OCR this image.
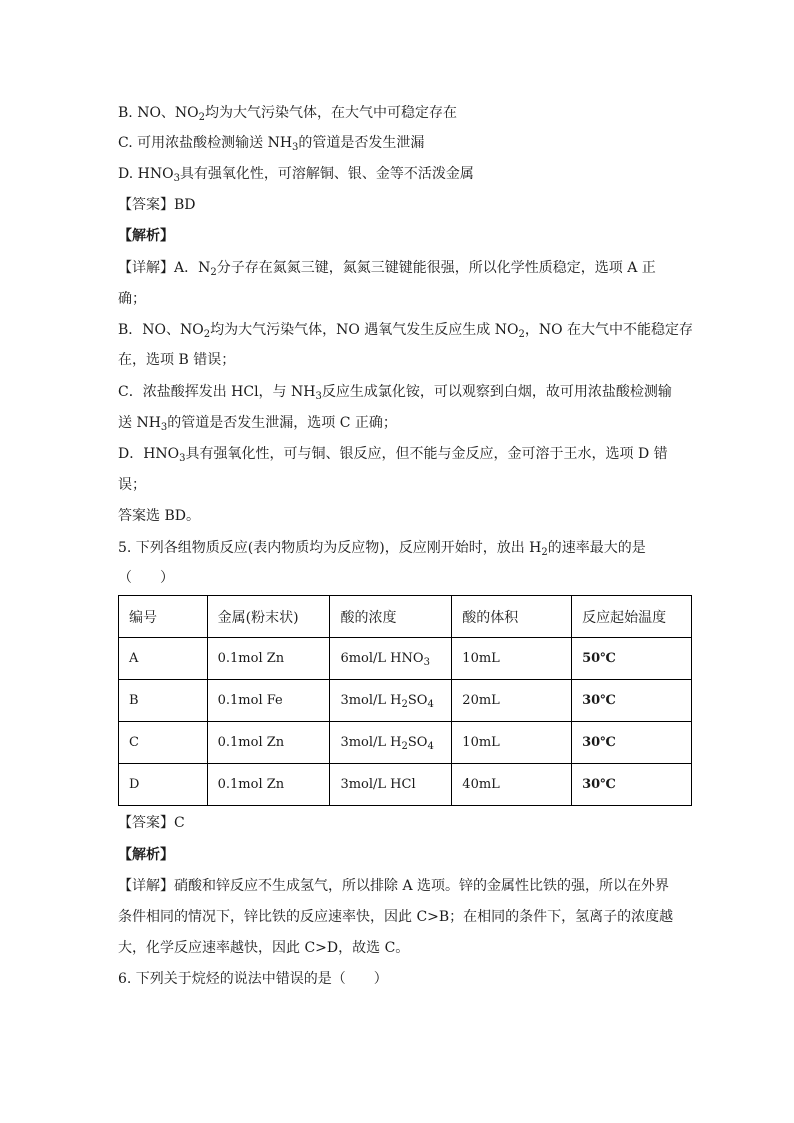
B. NO、$NO_2$均为大气污染气体，在大气中可稳定存在
C. 可用浓盐酸检测输送 $NH_3$的管道是否发生泄漏
D. $HNO_3$具有强氧化性，可溶解铜、银、金等不活泼金属
【答案】BD
【解析】
【详解】A．$N_2$分子存在氮氮三键，氮氮三键键能很强，所以化学性质稳定，选项 A 正
确；
B．NO、$NO_2$均为大气污染气体，NO 遇氧气发生反应生成 $NO_2$，NO 在大气中不能稳定存
在，选项 B 错误；
C．浓盐酸挥发出 HCl，与 $NH_3$反应生成氯化铵，可以观察到白烟，故可用浓盐酸检测输
送 $NH_3$的管道是否发生泄漏，选项 C 正确；
D．$HNO_3$具有强氧化性，可与铜、银反应，但不能与金反应，金可溶于王水，选项 D 错
误；
答案选 BD。
5. 下列各组物质反应(表内物质均为反应物)，反应刚开始时，放出 $H_2$的速率最大的是
（　　）
编号	金属(粉末状)	酸的浓度	酸的体积	反应起始温度
A	0.1mol Zn	6mol/L $HNO_3$	10mL	50℃
B	0.1mol Fe	3mol/L $H_2SO_4$	20mL	30℃
C	0.1mol Zn	3mol/L $H_2SO_4$	10mL	30℃
D	0.1mol Zn	3mol/L HCl	40mL	30℃
【答案】C
【解析】
【详解】硝酸和锌反应不生成氢气，所以排除 A 选项。锌的金属性比铁的强，所以在外界
条件相同的情况下，锌比铁的反应速率快，因此 C>B；在相同的条件下，氢离子的浓度越
大，化学反应速率越快，因此 C>D，故选 C。
6. 下列关于烷烃的说法中错误的是（　　）
